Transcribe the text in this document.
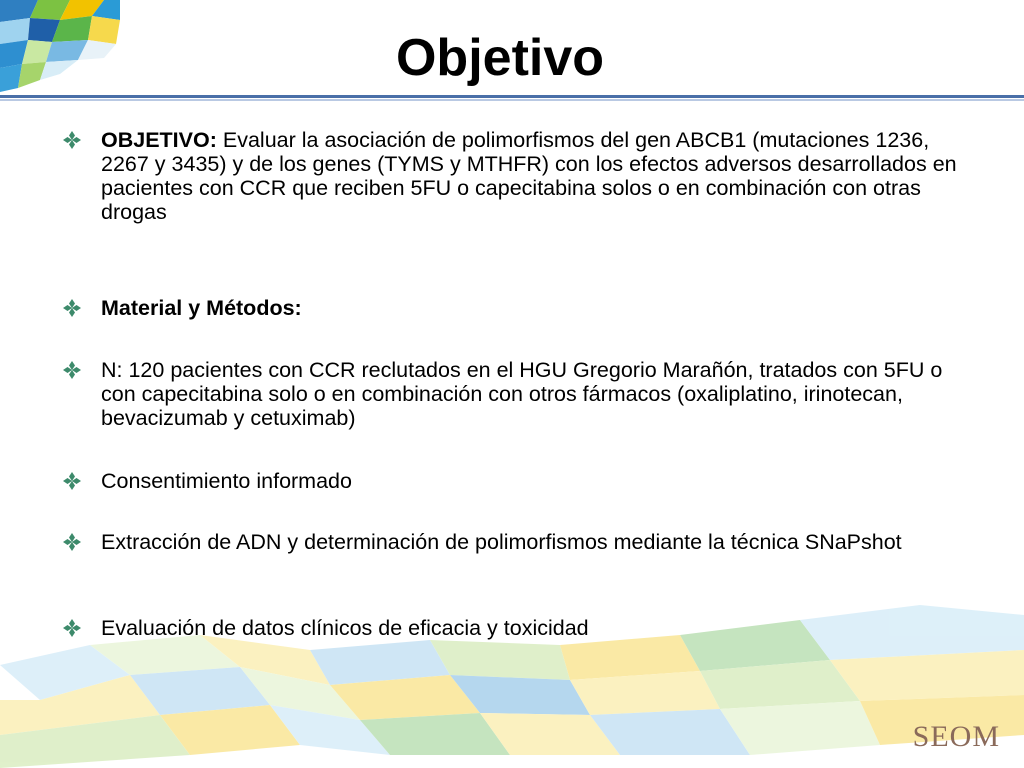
Objetivo
OBJETIVO: Evaluar la asociación de polimorfismos del gen ABCB1 (mutaciones 1236, 2267 y 3435) y de los genes (TYMS y MTHFR) con los efectos adversos desarrollados en pacientes con CCR que reciben 5FU o capecitabina solos o en combinación con otras drogas
Material y Métodos:
N: 120 pacientes con CCR reclutados en el HGU Gregorio Marañón, tratados con 5FU o con capecitabina solo o en combinación con otros fármacos (oxaliplatino, irinotecan, bevacizumab y cetuximab)
Consentimiento informado
Extracción de ADN y determinación de polimorfismos mediante la técnica SNaPshot
Evaluación de datos clínicos de eficacia y toxicidad
SEOM
